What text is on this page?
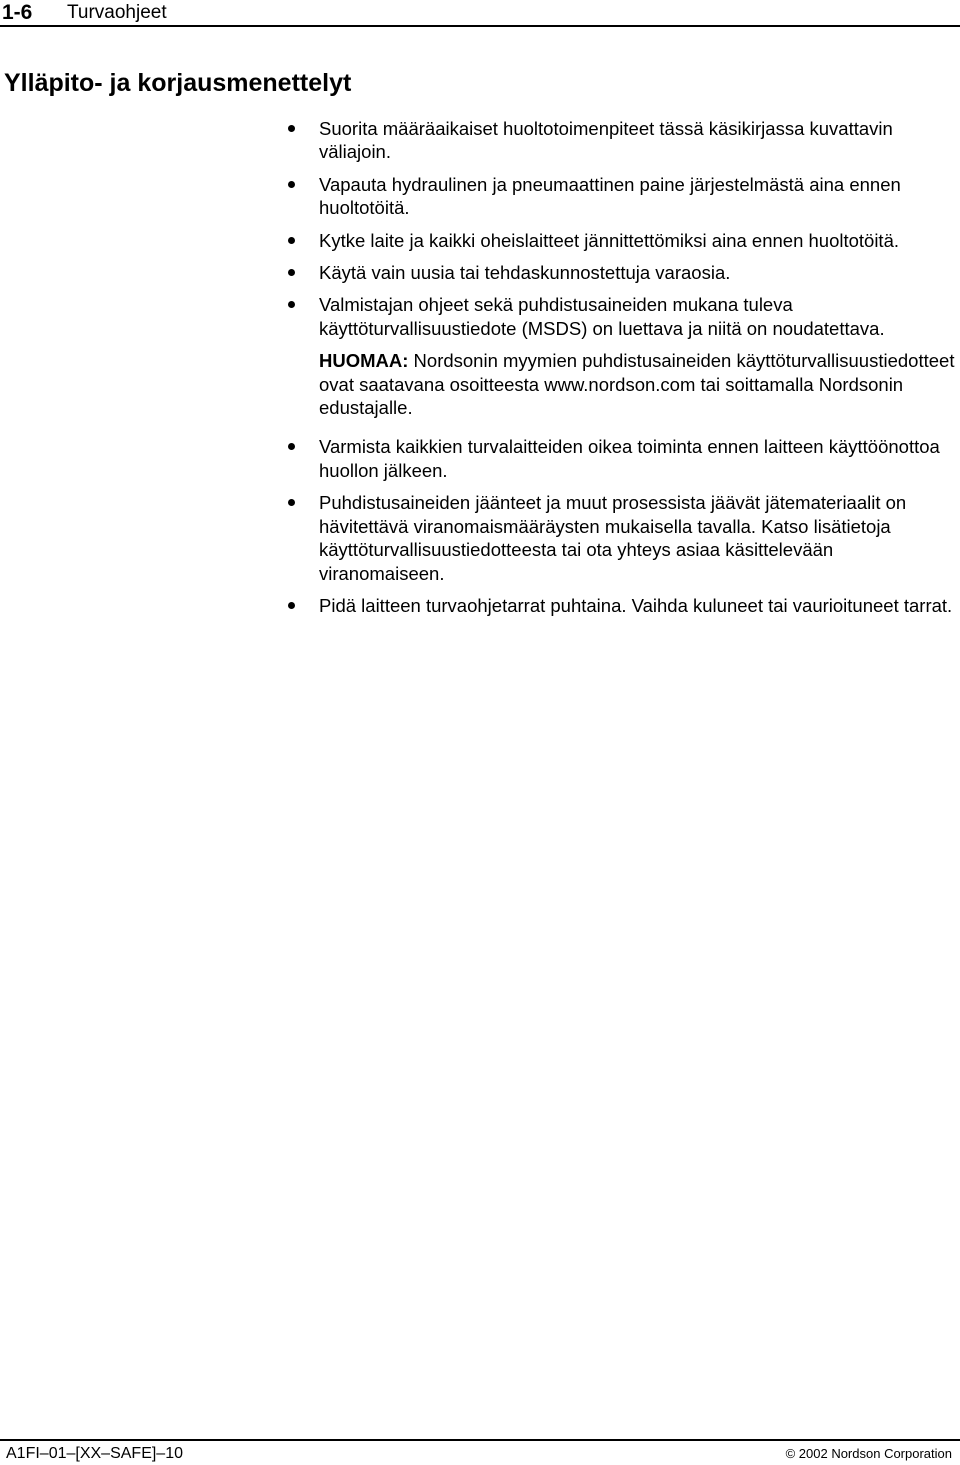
1-6 Turvaohjeet
Ylläpito- ja korjausmenettelyt
Suorita määräaikaiset huoltotoimenpiteet tässä käsikirjassa kuvattavin väliajoin.
Vapauta hydraulinen ja pneumaattinen paine järjestelmästä aina ennen huoltotöitä.
Kytke laite ja kaikki oheislaitteet jännittettömiksi aina ennen huoltotöitä.
Käytä vain uusia tai tehdaskunnostettuja varaosia.
Valmistajan ohjeet sekä puhdistusaineiden mukana tuleva käyttöturvallisuustiedote (MSDS) on luettava ja niitä on noudatettava.
HUOMAA: Nordsonin myymien puhdistusaineiden käyttöturvallisuustiedotteet ovat saatavana osoitteesta www.nordson.com tai soittamalla Nordsonin edustajalle.
Varmista kaikkien turvalaitteiden oikea toiminta ennen laitteen käyttöönottoa huollon jälkeen.
Puhdistusaineiden jäänteet ja muut prosessista jäävät jätemateriaalit on hävitettävä viranomaismääräysten mukaisella tavalla. Katso lisätietoja käyttöturvallisuustiedotteesta tai ota yhteys asiaa käsittelevään viranomaiseen.
Pidä laitteen turvaohjetarrat puhtaina. Vaihda kuluneet tai vaurioituneet tarrat.
A1FI–01–[XX–SAFE]–10	© 2002 Nordson Corporation
